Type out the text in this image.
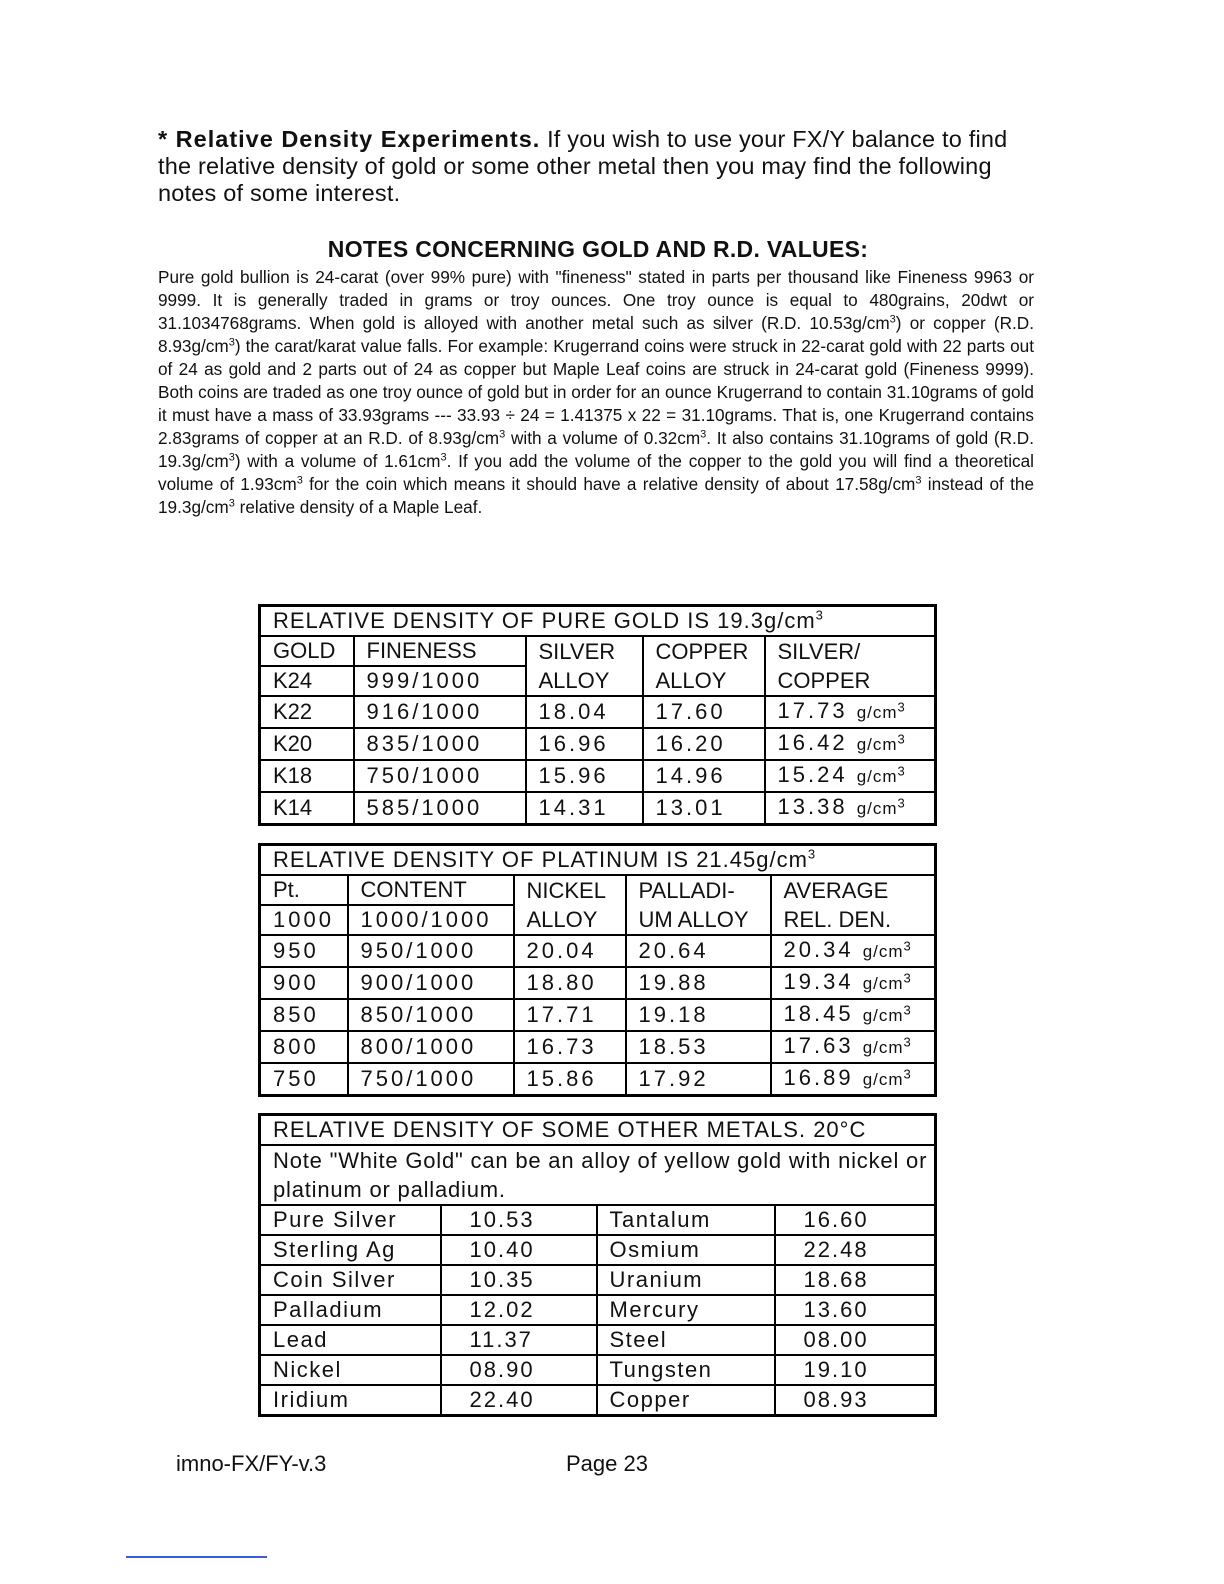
* Relative Density Experiments. If you wish to use your FX/Y balance to find the relative density of gold or some other metal then you may find the following notes of some interest.
NOTES CONCERNING GOLD AND R.D. VALUES:
Pure gold bullion is 24-carat (over 99% pure) with "fineness" stated in parts per thousand like Fineness 9963 or 9999. It is generally traded in grams or troy ounces. One troy ounce is equal to 480grains, 20dwt or 31.1034768grams. When gold is alloyed with another metal such as silver (R.D. $10.53g/cm^3$) or copper (R.D. $8.93g/cm^3$) the carat/karat value falls. For example: Krugerrand coins were struck in 22-carat gold with 22 parts out of 24 as gold and 2 parts out of 24 as copper but Maple Leaf coins are struck in 24-carat gold (Fineness 9999). Both coins are traded as one troy ounce of gold but in order for an ounce Krugerrand to contain 31.10grams of gold it must have a mass of 33.93grams --- 33.93 ÷ 24 = 1.41375 x 22 = 31.10grams. That is, one Krugerrand contains 2.83grams of copper at an R.D. of $8.93g/cm^3$ with a volume of $0.32cm^3$. It also contains 31.10grams of gold (R.D. $19.3g/cm^3$) with a volume of $1.61cm^3$. If you add the volume of the copper to the gold you will find a theoretical volume of $1.93cm^3$ for the coin which means it should have a relative density of about $17.58g/cm^3$ instead of the $19.3g/cm^3$ relative density of a Maple Leaf.
RELATIVE DENSITY OF PURE GOLD IS $19.3g/cm^3$
GOLD	FINENESS	SILVER	COPPER	SILVER/
K24	999/1000	ALLOY	ALLOY	COPPER
K22	916/1000	18.04	17.60	17.73 $g/cm^3$
K20	835/1000	16.96	16.20	16.42 $g/cm^3$
K18	750/1000	15.96	14.96	15.24 $g/cm^3$
K14	585/1000	14.31	13.01	13.38 $g/cm^3$
RELATIVE DENSITY OF PLATINUM IS $21.45g/cm^3$
Pt.	CONTENT	NICKEL	PALLADI-	AVERAGE
1000	1000/1000	ALLOY	UM ALLOY	REL. DEN.
950	950/1000	20.04	20.64	20.34 $g/cm^3$
900	900/1000	18.80	19.88	19.34 $g/cm^3$
850	850/1000	17.71	19.18	18.45 $g/cm^3$
800	800/1000	16.73	18.53	17.63 $g/cm^3$
750	750/1000	15.86	17.92	16.89 $g/cm^3$
RELATIVE DENSITY OF SOME OTHER METALS. 20°C			
Note "White Gold" can be an alloy of yellow gold with nickel or platinum or palladium.			
Pure Silver	10.53	Tantalum	16.60
Sterling Ag	10.40	Osmium	22.48
Coin Silver	10.35	Uranium	18.68
Palladium	12.02	Mercury	13.60
Lead	11.37	Steel	08.00
Nickel	08.90	Tungsten	19.10
Iridium	22.40	Copper	08.93
imno-FX/FY-v.3	Page 23
